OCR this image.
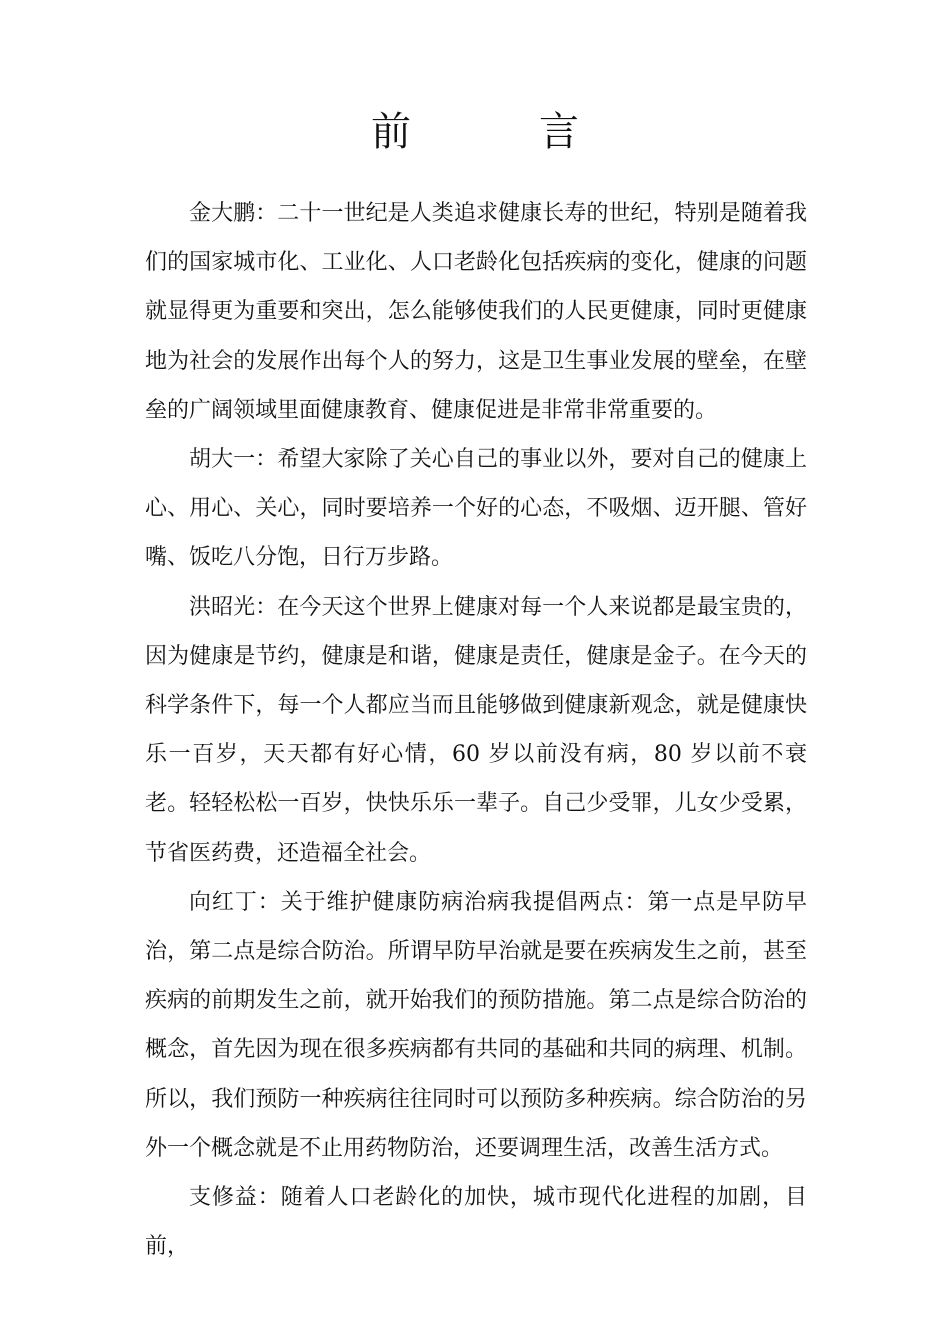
前	言

金大鹏：二十一世纪是人类追求健康长寿的世纪，特别是随着我们的国家城市化、工业化、人口老龄化包括疾病的变化，健康的问题就显得更为重要和突出，怎么能够使我们的人民更健康，同时更健康地为社会的发展作出每个人的努力，这是卫生事业发展的壁垒，在壁垒的广阔领域里面健康教育、健康促进是非常非常重要的。

胡大一：希望大家除了关心自己的事业以外，要对自己的健康上心、用心、关心，同时要培养一个好的心态，不吸烟、迈开腿、管好嘴、饭吃八分饱，日行万步路。

洪昭光：在今天这个世界上健康对每一个人来说都是最宝贵的，因为健康是节约，健康是和谐，健康是责任，健康是金子。在今天的科学条件下，每一个人都应当而且能够做到健康新观念，就是健康快乐一百岁，天天都有好心情，60 岁以前没有病，80 岁以前不衰老。轻轻松松一百岁，快快乐乐一辈子。自己少受罪，儿女少受累，节省医药费，还造福全社会。

向红丁：关于维护健康防病治病我提倡两点：第一点是早防早治，第二点是综合防治。所谓早防早治就是要在疾病发生之前，甚至疾病的前期发生之前，就开始我们的预防措施。第二点是综合防治的概念，首先因为现在很多疾病都有共同的基础和共同的病理、机制。所以，我们预防一种疾病往往同时可以预防多种疾病。综合防治的另外一个概念就是不止用药物防治，还要调理生活，改善生活方式。

支修益：随着人口老龄化的加快，城市现代化进程的加剧，目前，
